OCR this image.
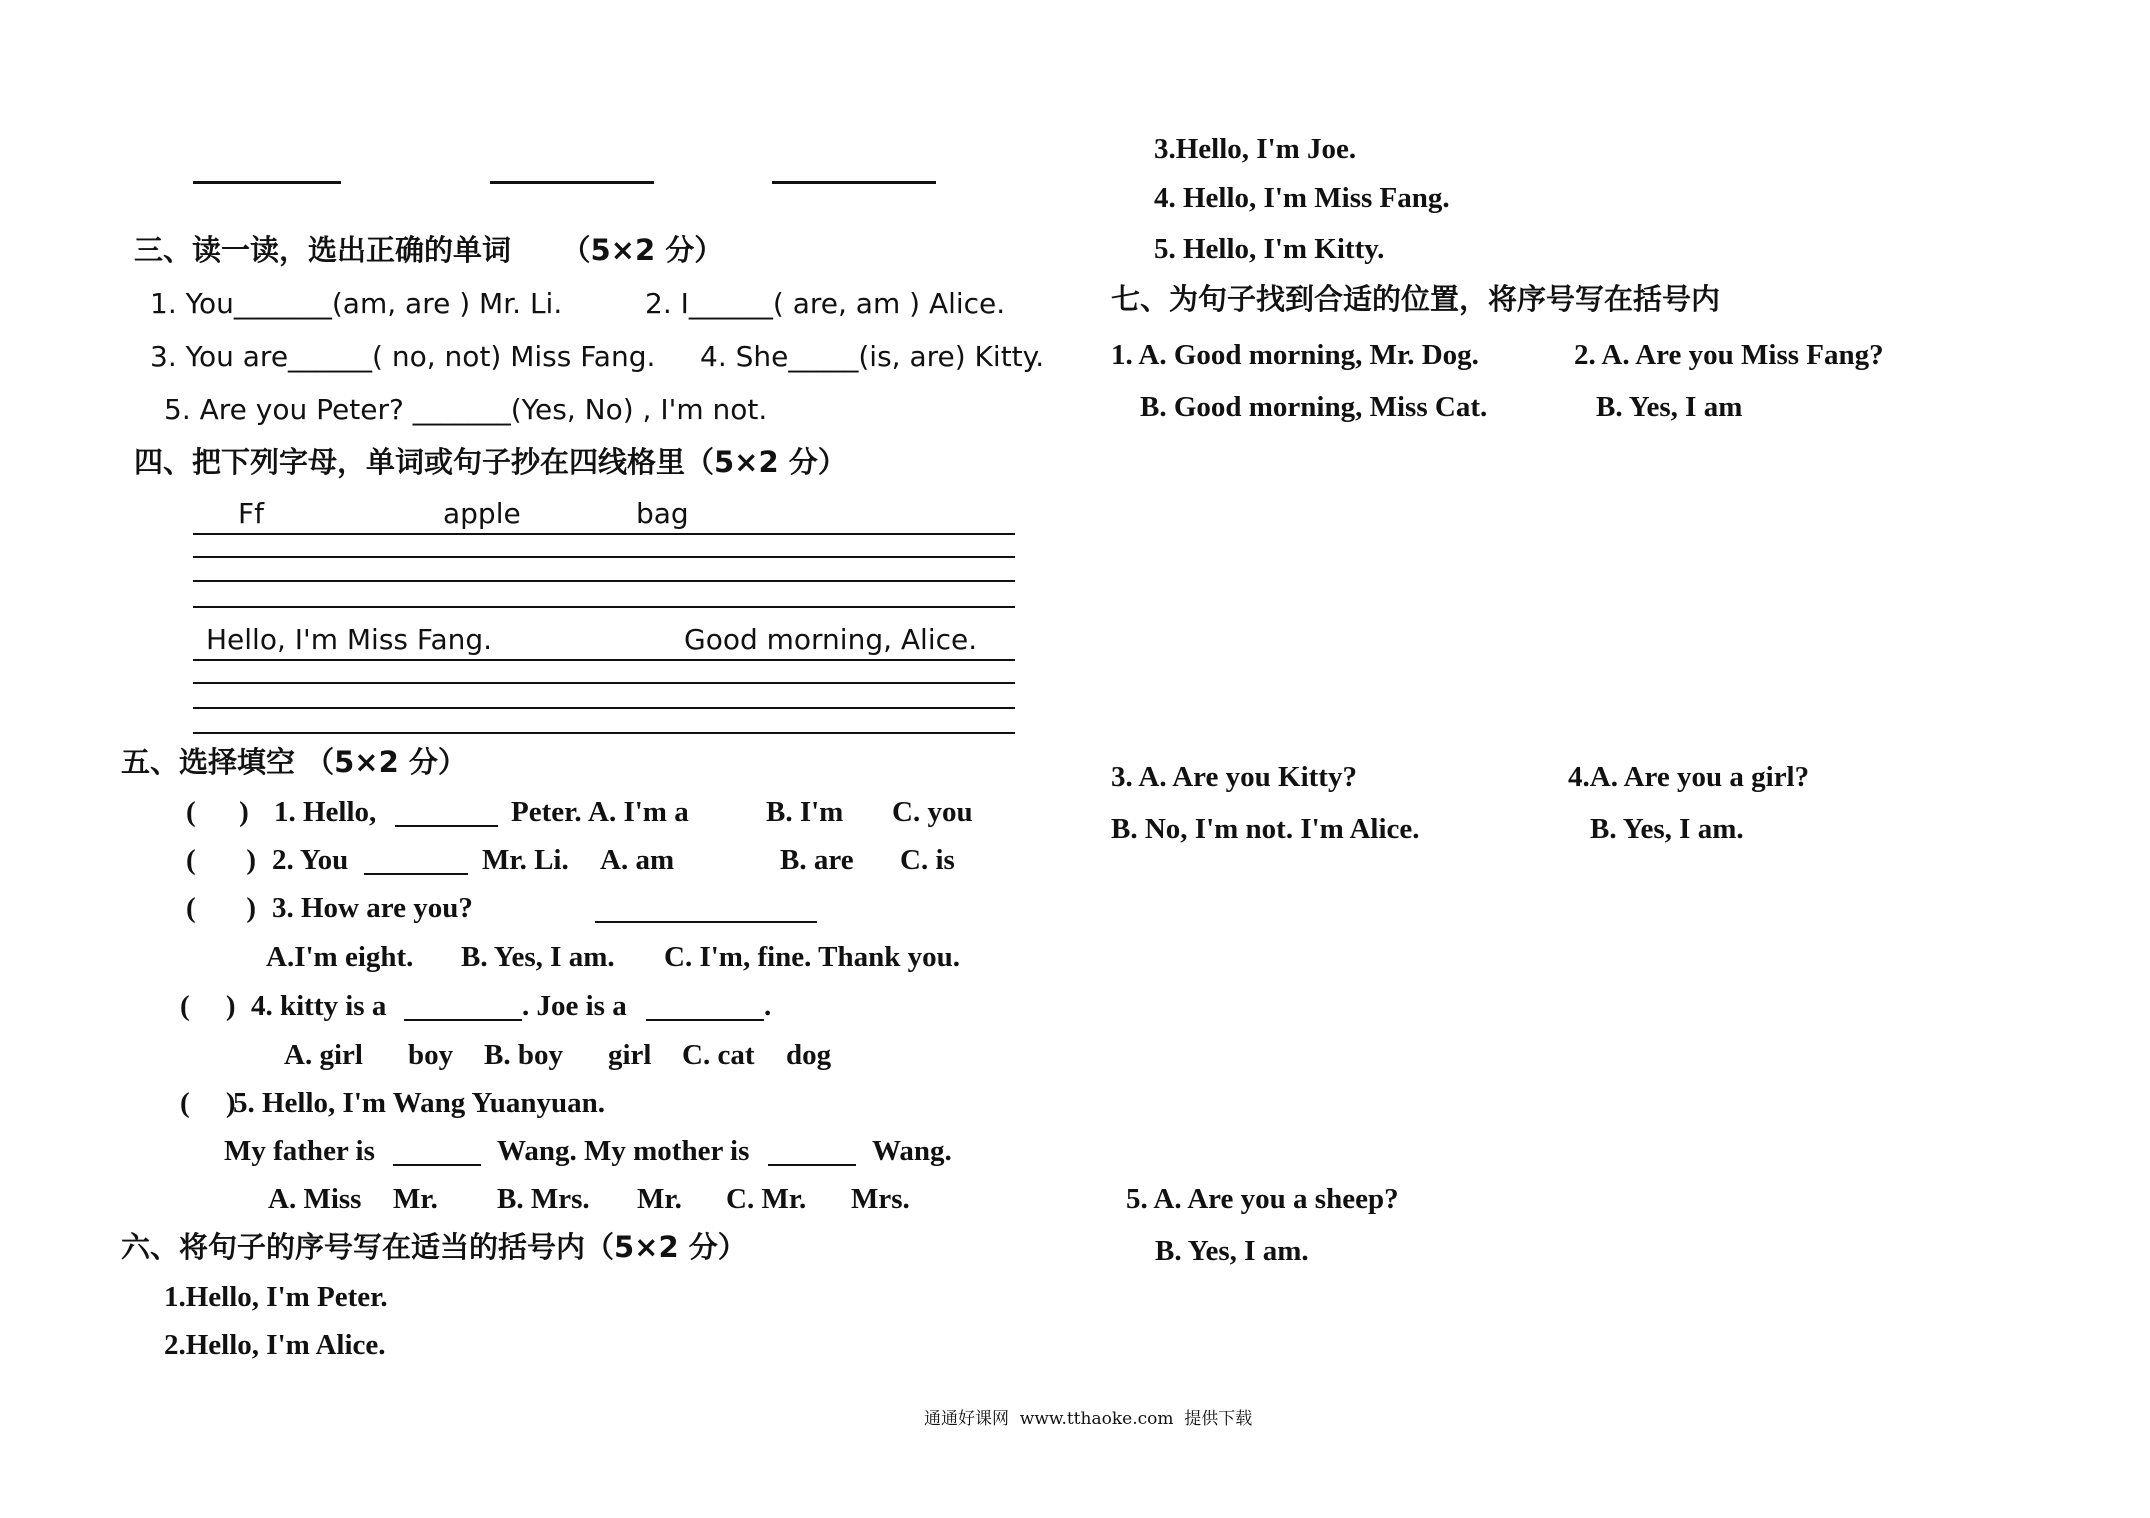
三、读一读，选出正确的单词     （5×2 分）
1. You_______(am, are ) Mr. Li.	2. I______( are, am ) Alice.
3. You are______( no, not) Miss Fang. 4. She_____(is, are) Kitty.
5. Are you Peter? _______(Yes, No) , I'm not.
四、把下列字母，单词或句子抄在四线格里（5×2 分）
Ff	apple	bag
Hello, I'm Miss Fang.	Good morning, Alice.
五、选择填空 （5×2 分）
(      ) 1. Hello,	Peter. A. I'm a	B. I'm C. you
(       ) 2. You	Mr. Li. A. am	B. are C. is
(       ) 3. How are you?
A.I'm eight. B. Yes, I am. C. I'm, fine. Thank you.
(     ) 4. kitty is a	. Joe is a	.
A. girl boy B. boy girl C. cat dog
(     )
5. Hello, I'm Wang Yuanyuan.
My father is	Wang. My mother is	Wang.
A. Miss Mr. B. Mrs. Mr. C. Mr. Mrs.
六、将句子的序号写在适当的括号内（5×2 分）
1.Hello, I'm Peter.
2.Hello, I'm Alice.
3.Hello, I'm Joe.
4. Hello, I'm Miss Fang.
5. Hello, I'm Kitty.
七、为句子找到合适的位置，将序号写在括号内
1. A. Good morning, Mr. Dog.
B. Good morning, Miss Cat.
2. A. Are you Miss Fang?
B. Yes, I am
3. A. Are you Kitty?
B. No, I'm not. I'm Alice.
4.A. Are you a girl?
B. Yes, I am.
5. A. Are you a sheep?
B. Yes, I am.
通通好课网  www.tthaoke.com  提供下载
